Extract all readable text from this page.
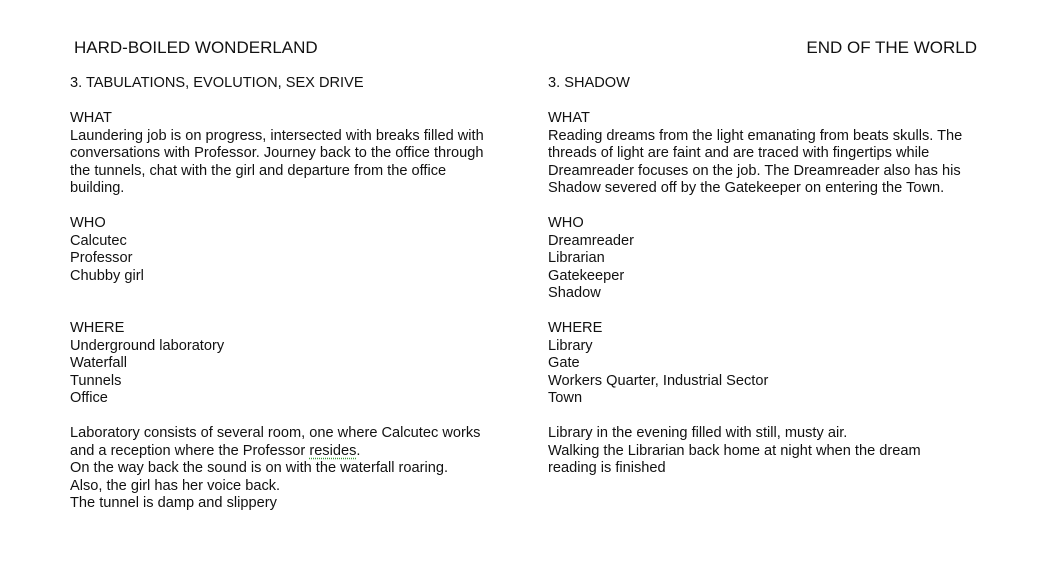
HARD-BOILED WONDERLAND	END OF THE WORLD
3. TABULATIONS, EVOLUTION, SEX DRIVE
WHAT
Laundering job is on progress, intersected with breaks filled with
conversations with Professor. Journey back to the office through
the tunnels, chat with the girl and departure from the office
building.
WHO
Calcutec
Professor
Chubby girl
WHERE
Underground laboratory
Waterfall
Tunnels
Office
Laboratory consists of several room, one where Calcutec works
and a reception where the Professor resides.
On the way back the sound is on with the waterfall roaring.
Also, the girl has her voice back.
The tunnel is damp and slippery
3. SHADOW
WHAT
Reading dreams from the light emanating from beats skulls. The
threads of light are faint and are traced with fingertips while
Dreamreader focuses on the job. The Dreamreader also has his
Shadow severed off by the Gatekeeper on entering the Town.
WHO
Dreamreader
Librarian
Gatekeeper
Shadow
WHERE
Library
Gate
Workers Quarter, Industrial Sector
Town
Library in the evening filled with still, musty air.
Walking the Librarian back home at night when the dream
reading is finished
